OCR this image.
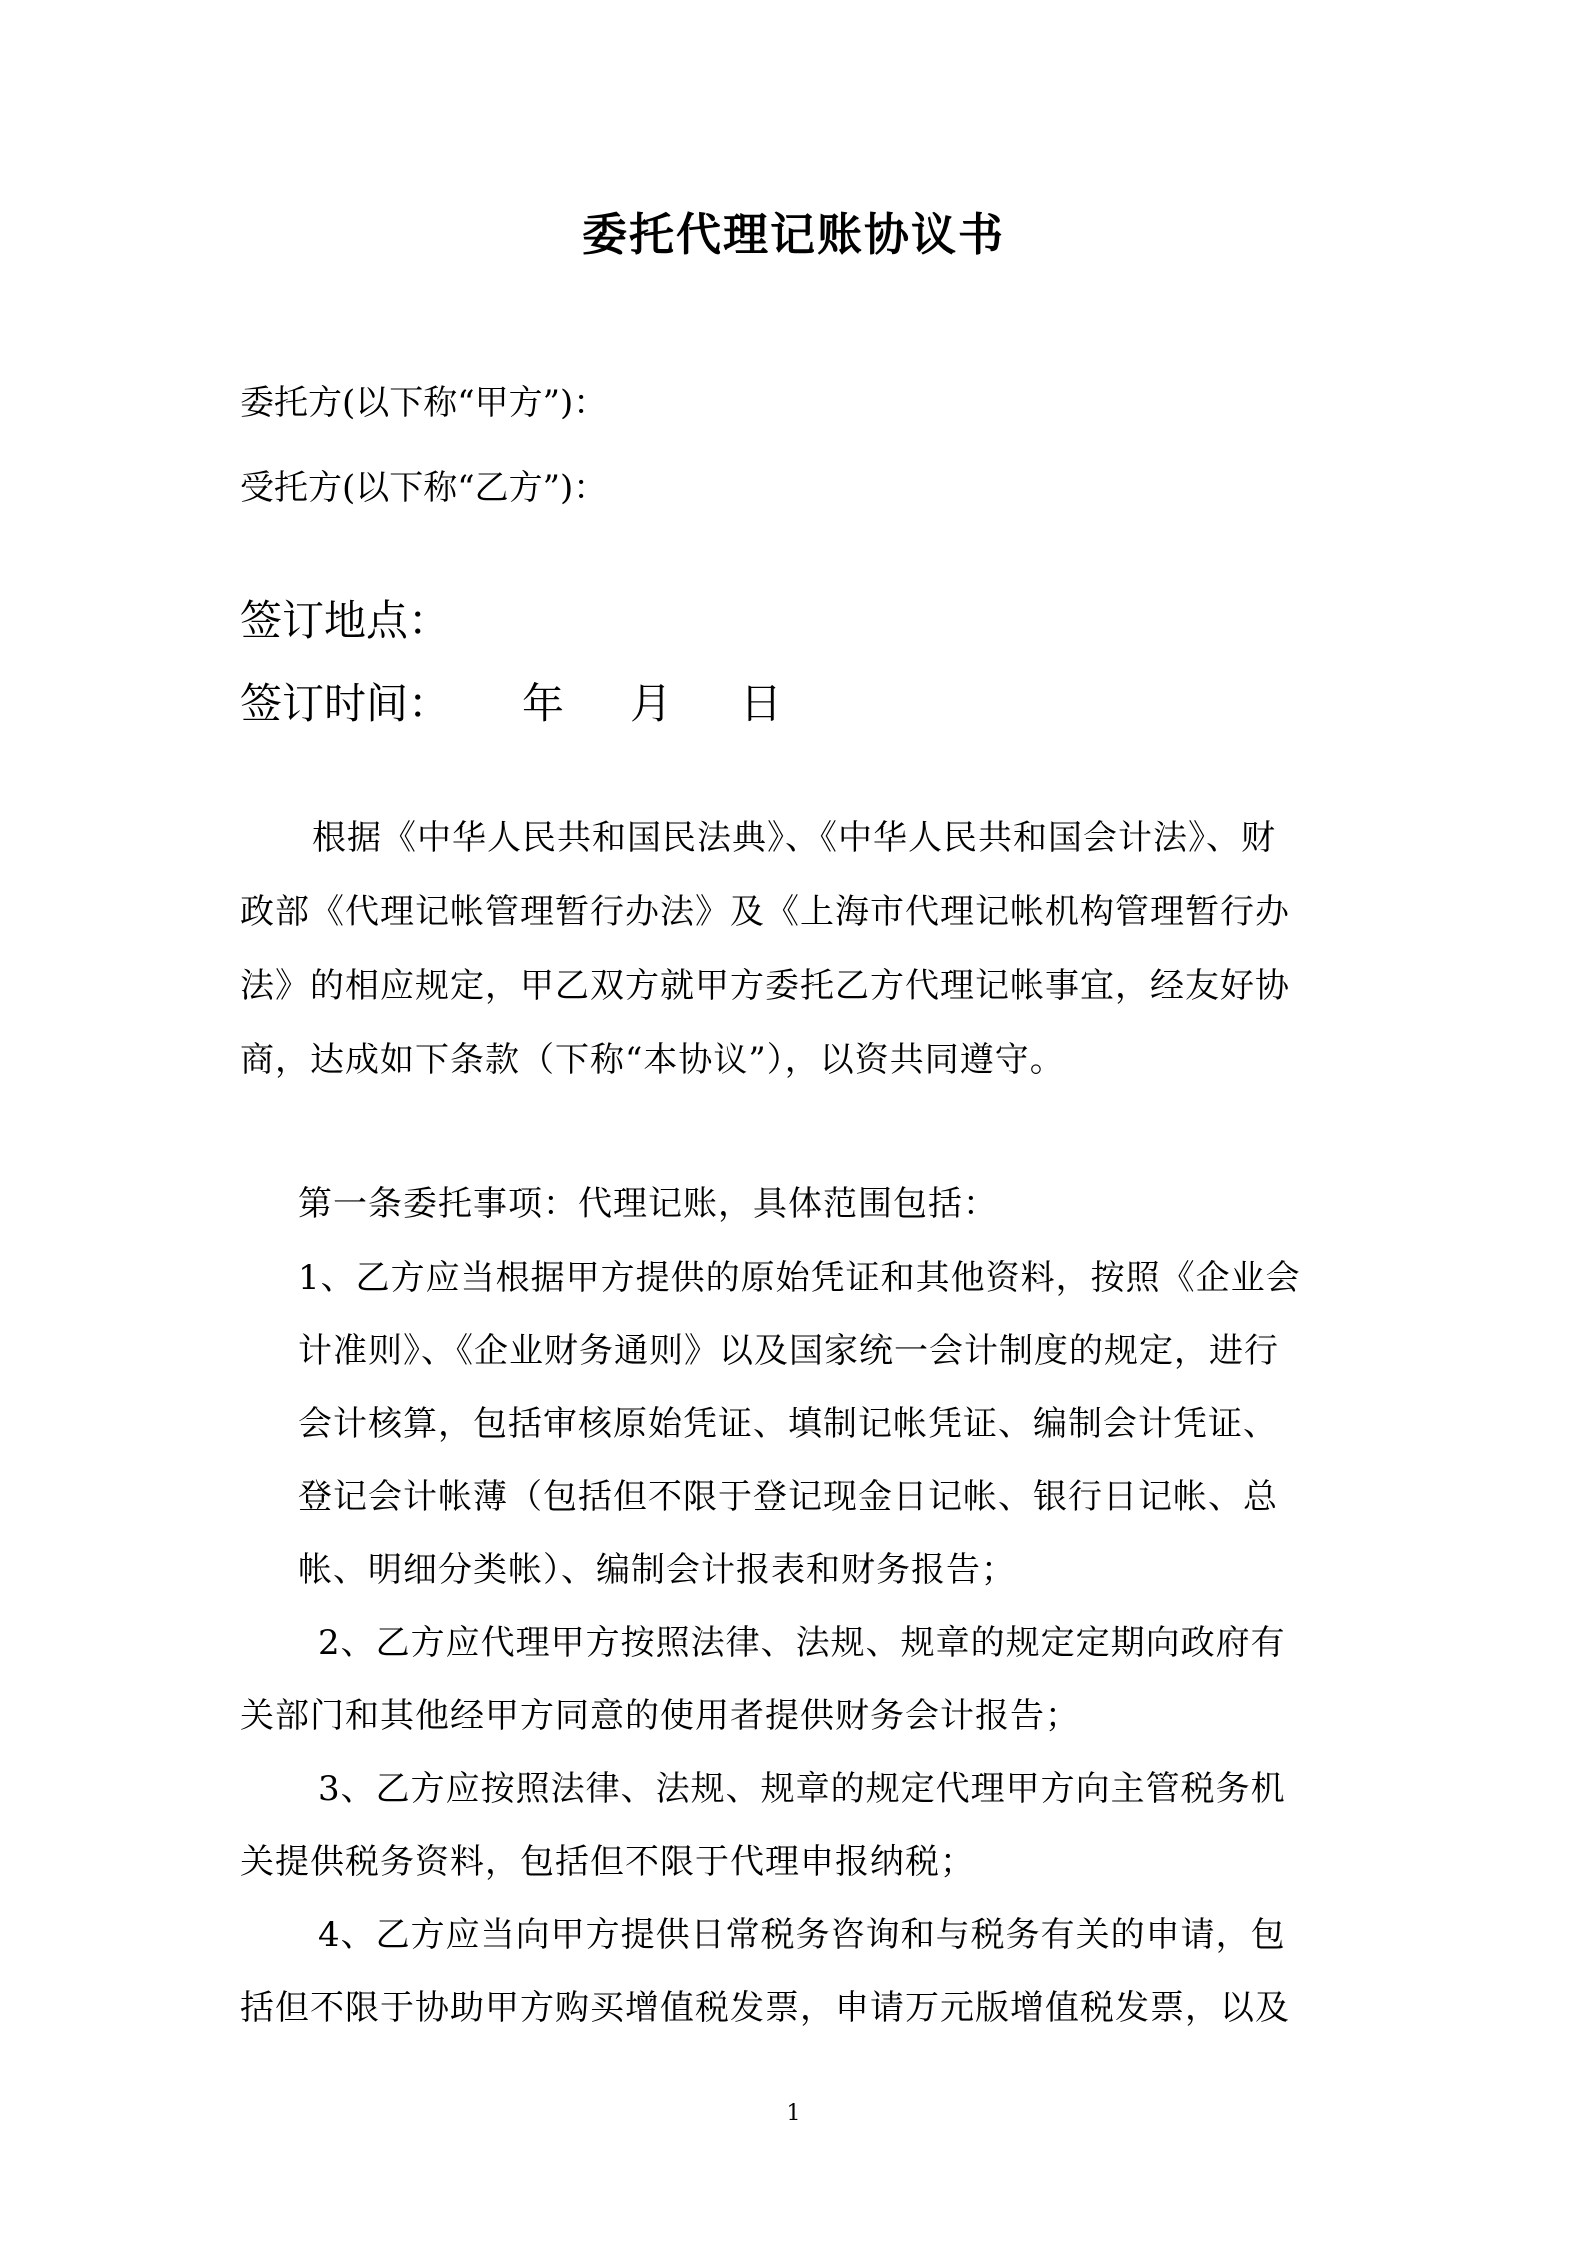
委托代理记账协议书

委托方(以下称“甲方”)：

受托方(以下称“乙方”)：

签订地点：

签订时间： 年 月 日

根据《中华人民共和国民法典》、《中华人民共和国会计法》、财

政部《代理记帐管理暂行办法》及《上海市代理记帐机构管理暂行办

法》的相应规定，甲乙双方就甲方委托乙方代理记帐事宜，经友好协

商，达成如下条款（下称“本协议”），以资共同遵守。

第一条委托事项：代理记账，具体范围包括：

1、乙方应当根据甲方提供的原始凭证和其他资料，按照《企业会

计准则》、《企业财务通则》以及国家统一会计制度的规定，进行

会计核算，包括审核原始凭证、填制记帐凭证、编制会计凭证、

登记会计帐薄（包括但不限于登记现金日记帐、银行日记帐、总

帐、明细分类帐）、编制会计报表和财务报告；

2、乙方应代理甲方按照法律、法规、规章的规定定期向政府有

关部门和其他经甲方同意的使用者提供财务会计报告；

3、乙方应按照法律、法规、规章的规定代理甲方向主管税务机

关提供税务资料，包括但不限于代理申报纳税；

4、乙方应当向甲方提供日常税务咨询和与税务有关的申请，包

括但不限于协助甲方购买增值税发票，申请万元版增值税发票，以及

1
